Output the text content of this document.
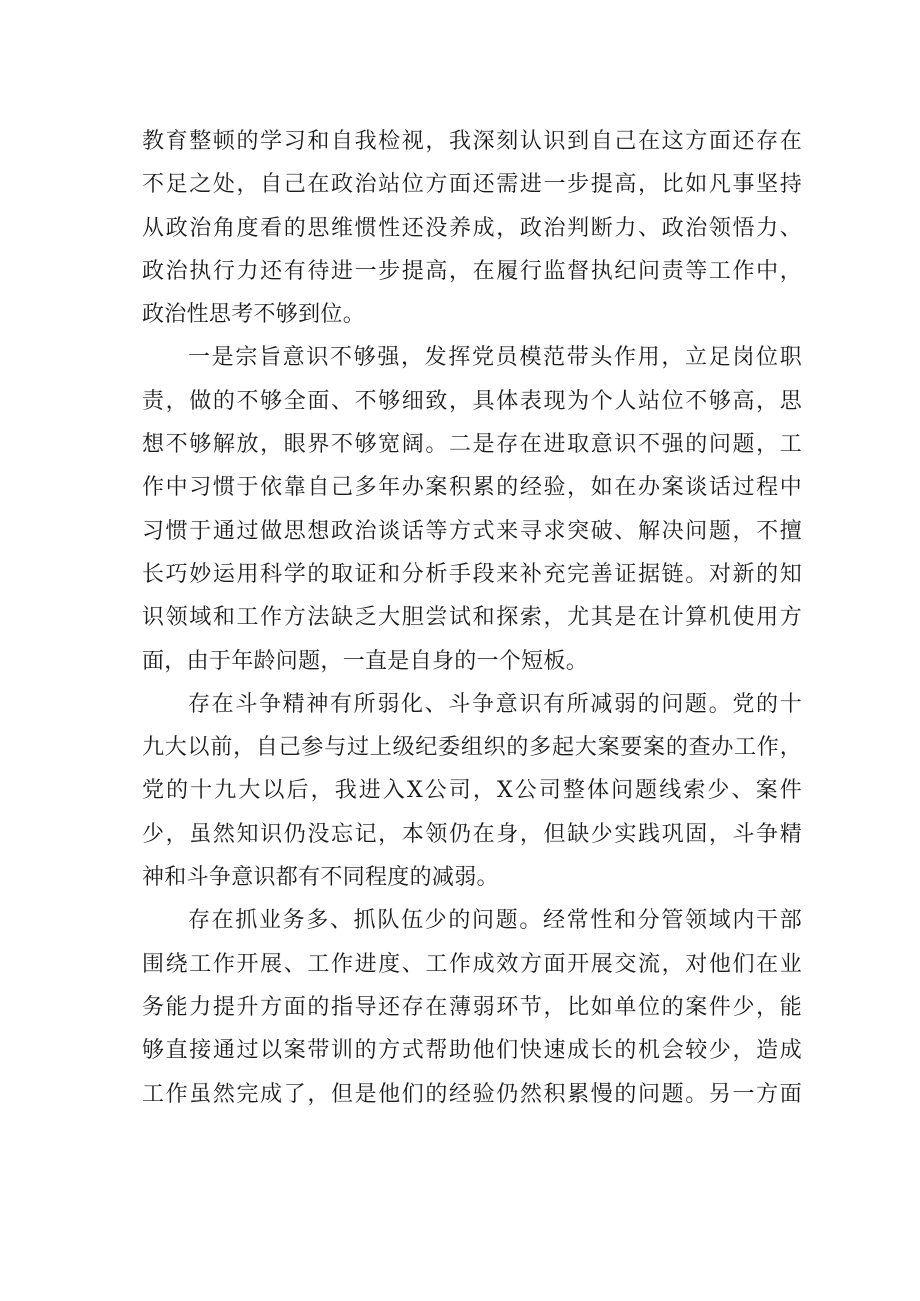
教育整顿的学习和自我检视，我深刻认识到自己在这方面还存在
不足之处，自己在政治站位方面还需进一步提高，比如凡事坚持
从政治角度看的思维惯性还没养成，政治判断力、政治领悟力、
政治执行力还有待进一步提高，在履行监督执纪问责等工作中，
政治性思考不够到位。
一是宗旨意识不够强，发挥党员模范带头作用，立足岗位职
责，做的不够全面、不够细致，具体表现为个人站位不够高，思
想不够解放，眼界不够宽阔。二是存在进取意识不强的问题，工
作中习惯于依靠自己多年办案积累的经验，如在办案谈话过程中
习惯于通过做思想政治谈话等方式来寻求突破、解决问题，不擅
长巧妙运用科学的取证和分析手段来补充完善证据链。对新的知
识领域和工作方法缺乏大胆尝试和探索，尤其是在计算机使用方
面，由于年龄问题，一直是自身的一个短板。
存在斗争精神有所弱化、斗争意识有所减弱的问题。党的十
九大以前，自己参与过上级纪委组织的多起大案要案的查办工作，
党的十九大以后，我进入X公司，X公司整体问题线索少、案件
少，虽然知识仍没忘记，本领仍在身，但缺少实践巩固，斗争精
神和斗争意识都有不同程度的减弱。
存在抓业务多、抓队伍少的问题。经常性和分管领域内干部
围绕工作开展、工作进度、工作成效方面开展交流，对他们在业
务能力提升方面的指导还存在薄弱环节，比如单位的案件少，能
够直接通过以案带训的方式帮助他们快速成长的机会较少，造成
工作虽然完成了，但是他们的经验仍然积累慢的问题。另一方面
